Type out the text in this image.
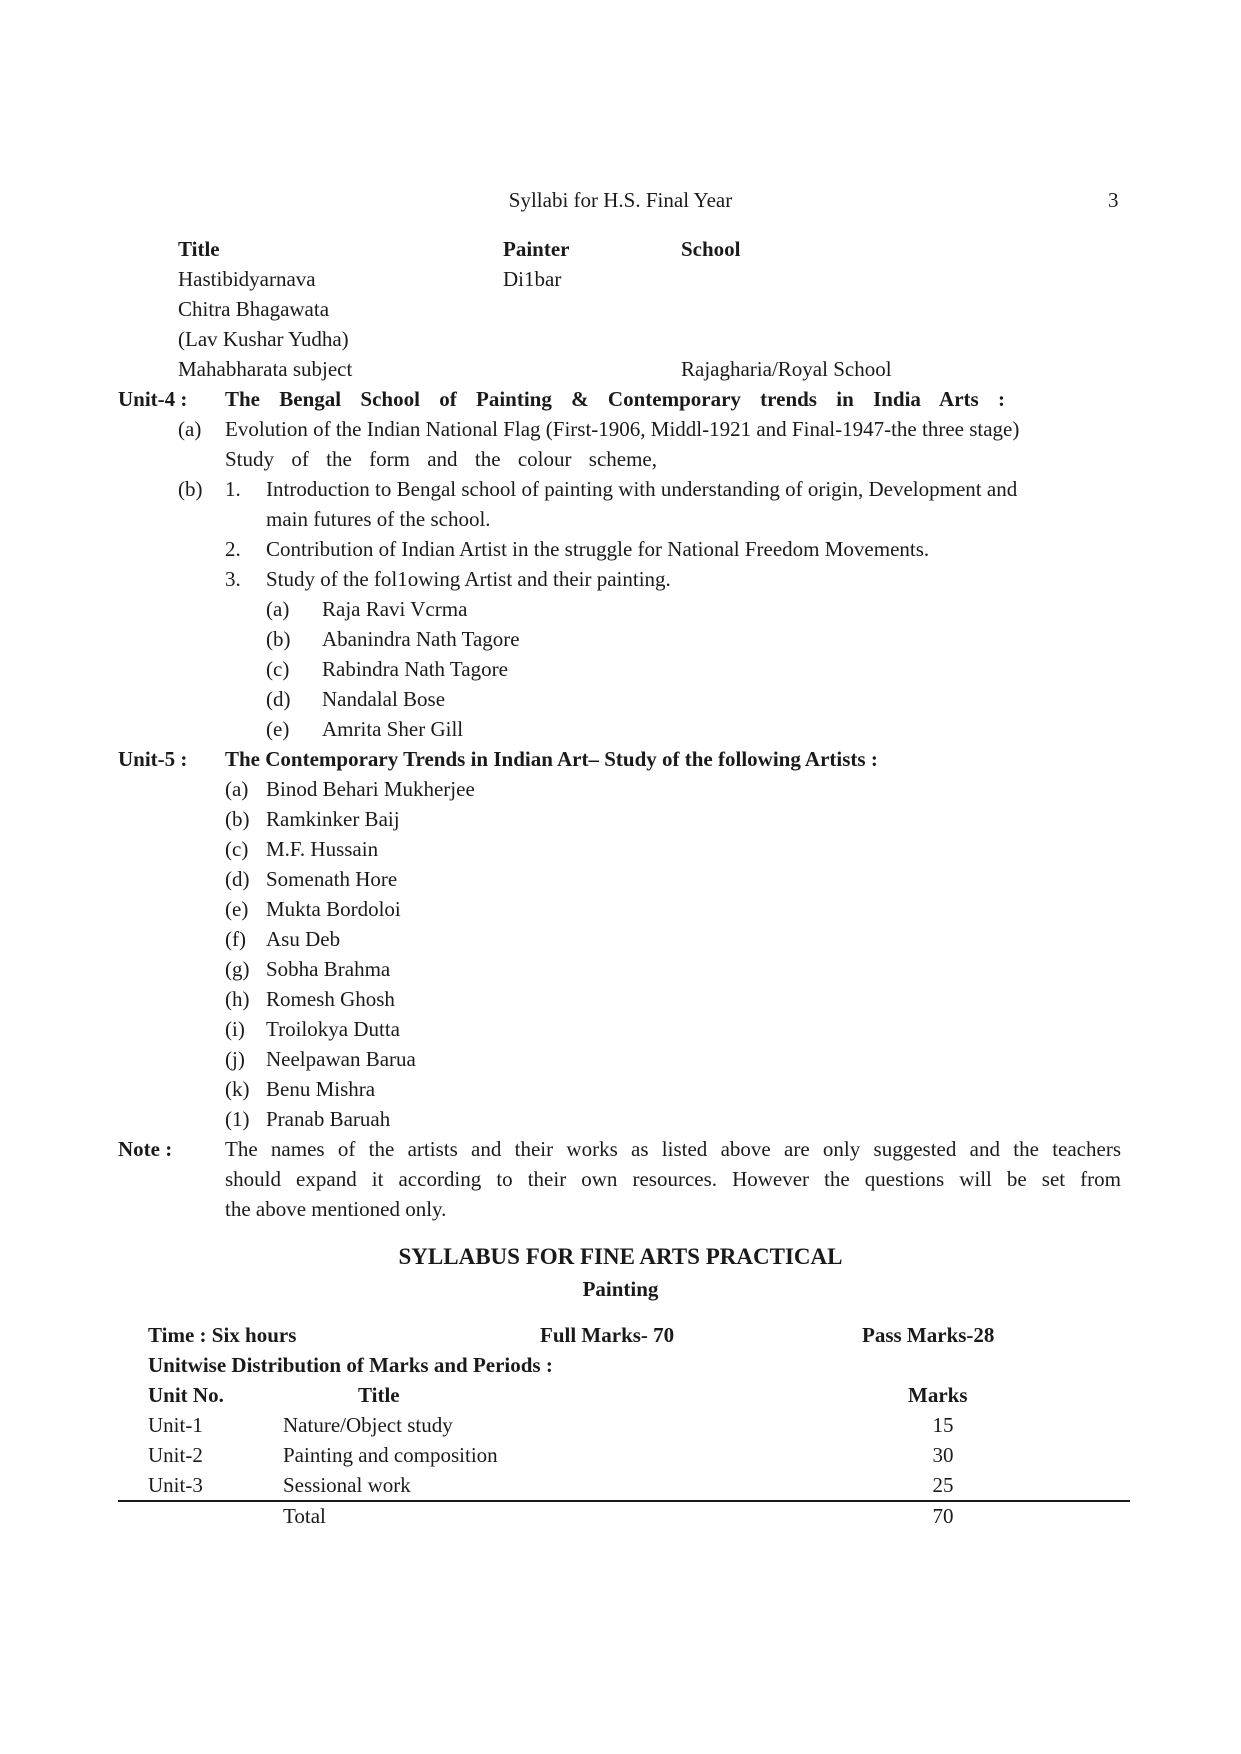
Syllabi for H.S. Final Year	3
Title	Painter	School
Hastibidyarnava	Di1bar
Chitra Bhagawata
(Lav Kushar Yudha)
Mahabharata subject	Rajagharia/Royal School
Unit-4 : The Bengal School of Painting & Contemporary trends in India Arts :
(a) Evolution of the Indian National Flag (First-1906, Middl-1921 and Final-1947-the three stage)
Study of the form and the colour scheme,
(b) 1. Introduction to Bengal school of painting with understanding of origin, Development and
main futures of the school.
2. Contribution of Indian Artist in the struggle for National Freedom Movements.
3. Study of the fol1owing Artist and their painting.
(a) Raja Ravi Vcrma
(b) Abanindra Nath Tagore
(c) Rabindra Nath Tagore
(d) Nandalal Bose
(e) Amrita Sher Gill
Unit-5 : The Contemporary Trends in Indian Art– Study of the following Artists :
(a) Binod Behari Mukherjee
(b) Ramkinker Baij
(c) M.F. Hussain
(d) Somenath Hore
(e) Mukta Bordoloi
(f) Asu Deb
(g) Sobha Brahma
(h) Romesh Ghosh
(i) Troilokya Dutta
(j) Neelpawan Barua
(k) Benu Mishra
(1) Pranab Baruah
Note :	The names of the artists and their works as listed above are only suggested and the teachers
should expand it according to their own resources. However the questions will be set from
the above mentioned only.
SYLLABUS FOR FINE ARTS PRACTICAL
Painting
Time : Six hours	Full Marks- 70	Pass Marks-28
Unitwise Distribution of Marks and Periods :
Unit No.	Title	Marks
Unit-1	Nature/Object study	15
Unit-2	Painting and composition	30
Unit-3	Sessional work	25
Total	70
